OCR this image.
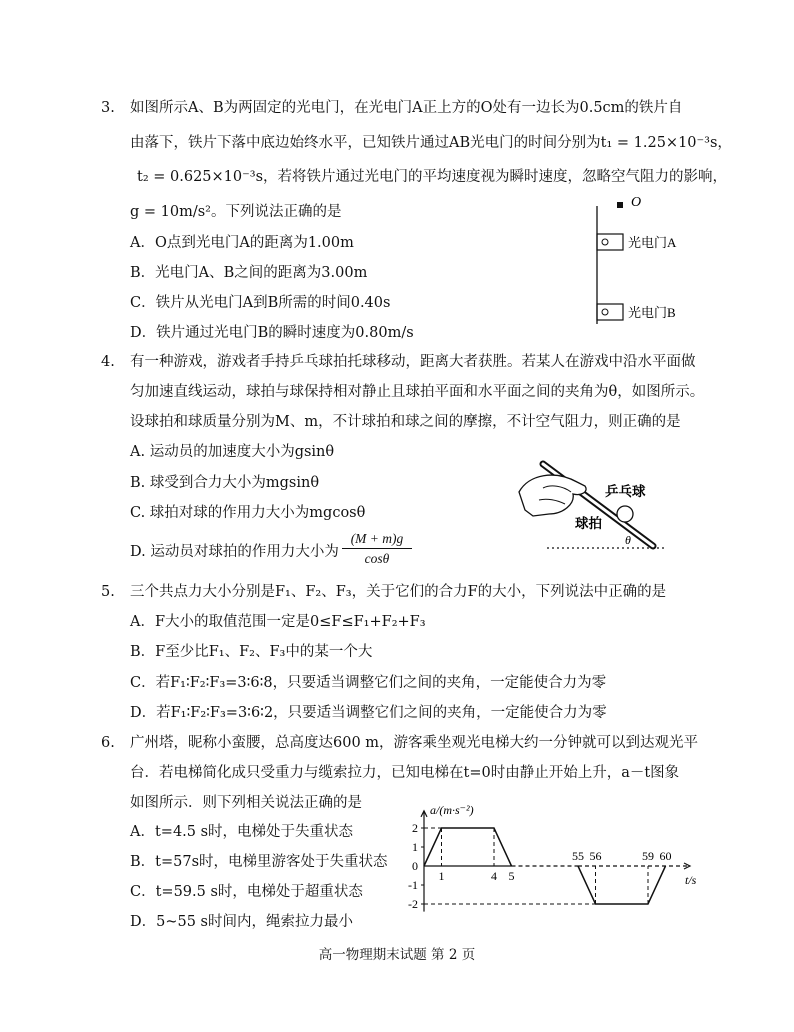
3. 如图所示A、B为两固定的光电门，在光电门A正上方的O处有一边长为0.5cm的铁片自
由落下，铁片下落中底边始终水平，已知铁片通过AB光电门的时间分别为t₁ = 1.25×10⁻³s，
t₂ = 0.625×10⁻³s，若将铁片通过光电门的平均速度视为瞬时速度，忽略空气阻力的影响，
g = 10m/s²。下列说法正确的是
A．O点到光电门A的距离为1.00m
B．光电门A、B之间的距离为3.00m
C．铁片从光电门A到B所需的时间0.40s
D．铁片通过光电门B的瞬时速度为0.80m/s
O
光电门A
光电门B
4. 有一种游戏，游戏者手持乒乓球拍托球移动，距离大者获胜。若某人在游戏中沿水平面做
匀加速直线运动，球拍与球保持相对静止且球拍平面和水平面之间的夹角为θ，如图所示。
设球拍和球质量分别为M、m，不计球拍和球之间的摩擦，不计空气阻力，则正确的是
A. 运动员的加速度大小为gsinθ
B. 球受到合力大小为mgsinθ
C. 球拍对球的作用力大小为mgcosθ
D. 运动员对球拍的作用力大小为 $\frac{(M + m)g}{\cos\theta}$
乒乓球
球拍
θ
5. 三个共点力大小分别是F₁、F₂、F₃，关于它们的合力F的大小，下列说法中正确的是
A．F大小的取值范围一定是0≤F≤F₁+F₂+F₃
B．F至少比F₁、F₂、F₃中的某一个大
C．若F₁∶F₂∶F₃=3∶6∶8，只要适当调整它们之间的夹角，一定能使合力为零
D．若F₁∶F₂∶F₃=3∶6∶2，只要适当调整它们之间的夹角，一定能使合力为零
6. 广州塔，昵称小蛮腰，总高度达600 m，游客乘坐观光电梯大约一分钟就可以到达观光平
台．若电梯简化成只受重力与缆索拉力，已知电梯在t=0时由静止开始上升，a－t图象
如图所示．则下列相关说法正确的是
A．t=4.5 s时，电梯处于失重状态
B．t=57s时，电梯里游客处于失重状态
C．t=59.5 s时，电梯处于超重状态
D．5~55 s时间内，绳索拉力最小
2
1
0
-1
-2
1	4 5
55 56	59 60
a/(m·s⁻²)
t/s
高一物理期末试题 第 2 页
